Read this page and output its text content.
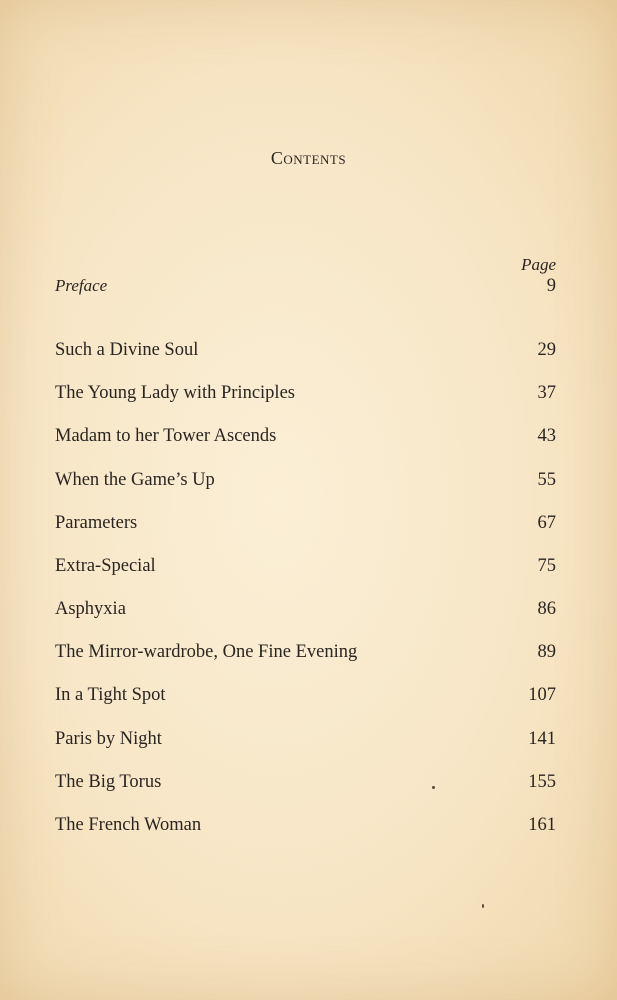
Contents
Page
Preface	9
Such a Divine Soul	29
The Young Lady with Principles	37
Madam to her Tower Ascends	43
When the Game’s Up	55
Parameters	67
Extra-Special	75
Asphyxia	86
The Mirror-wardrobe, One Fine Evening	89
In a Tight Spot	107
Paris by Night	141
The Big Torus	155
The French Woman	161
